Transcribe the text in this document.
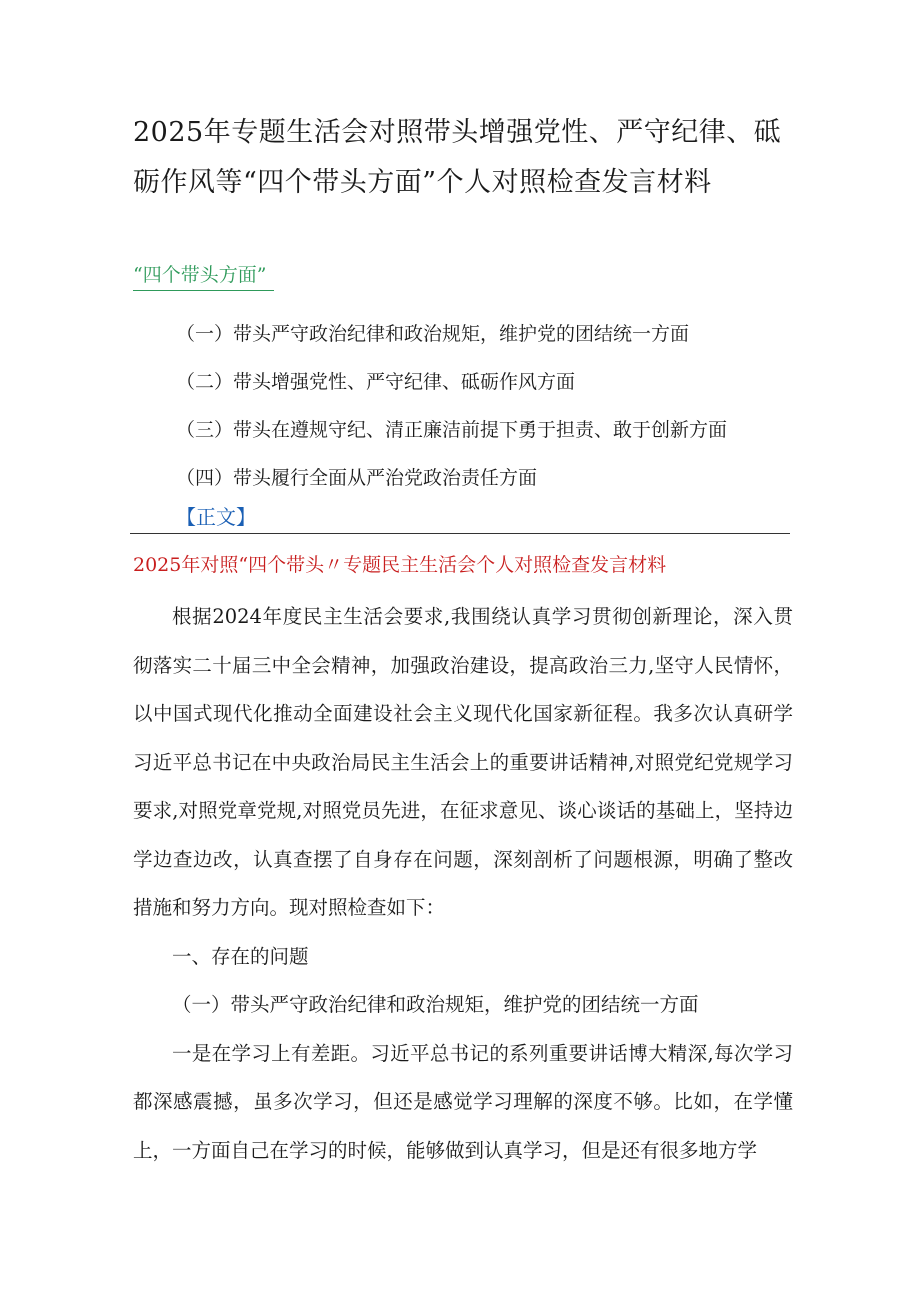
2025年专题生活会对照带头增强党性、严守纪律、砥砺作风等“四个带头方面”个人对照检查发言材料
“四个带头方面”
（一）带头严守政治纪律和政治规矩，维护党的团结统一方面
（二）带头增强党性、严守纪律、砥砺作风方面
（三）带头在遵规守纪、清正廉洁前提下勇于担责、敢于创新方面
（四）带头履行全面从严治党政治责任方面
【正文】
2025年对照“四个带头〃专题民主生活会个人对照检查发言材料

根据2024年度民主生活会要求,我围绕认真学习贯彻创新理论，深入贯彻落实二十届三中全会精神，加强政治建设，提高政治三力,坚守人民情怀，以中国式现代化推动全面建设社会主义现代化国家新征程。我多次认真研学习近平总书记在中央政治局民主生活会上的重要讲话精神,对照党纪党规学习要求,对照党章党规,对照党员先进，在征求意见、谈心谈话的基础上，坚持边学边查边改，认真查摆了自身存在问题，深刻剖析了问题根源，明确了整改措施和努力方向。现对照检查如下：

一、存在的问题

（一）带头严守政治纪律和政治规矩，维护党的团结统一方面

一是在学习上有差距。习近平总书记的系列重要讲话博大精深,每次学习都深感震撼，虽多次学习，但还是感觉学习理解的深度不够。比如，在学懂上，一方面自己在学习的时候，能够做到认真学习，但是还有很多地方学
